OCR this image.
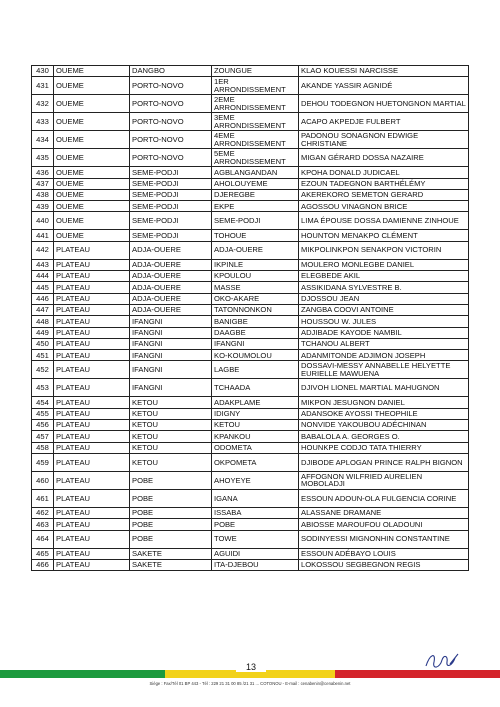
430	OUEME	DANGBO	ZOUNGUE	KLAO KOUESSI NARCISSE
431	OUEME	PORTO-NOVO	1ER ARRONDISSEMENT	AKANDE YASSIR AGNIDÉ
432	OUEME	PORTO-NOVO	2EME ARRONDISSEMENT	DEHOU TODEGNON HUETONGNON MARTIAL
433	OUEME	PORTO-NOVO	3EME ARRONDISSEMENT	ACAPO AKPEDJE FULBERT
434	OUEME	PORTO-NOVO	4EME ARRONDISSEMENT	PADONOU SONAGNON EDWIGE CHRISTIANE
435	OUEME	PORTO-NOVO	5EME ARRONDISSEMENT	MIGAN GÉRARD DOSSA NAZAIRE
436	OUEME	SEME-PODJI	AGBLANGANDAN	KPOHA DONALD JUDICAEL
437	OUEME	SEME-PODJI	AHOLOUYEME	EZOUN TADEGNON BARTHÉLÉMY
438	OUEME	SEME-PODJI	DJEREGBE	AKEREKORO SEMETON GERARD
439	OUEME	SEME-PODJI	EKPE	AGOSSOU VINAGNON BRICE
440	OUEME	SEME-PODJI	SEME-PODJI	LIMA ÉPOUSE DOSSA DAMIENNE ZINHOUE
441	OUEME	SEME-PODJI	TOHOUE	HOUNTON MENAKPO CLÉMENT
442	PLATEAU	ADJA-OUERE	ADJA-OUERE	MIKPOLINKPON SENAKPON VICTORIN
443	PLATEAU	ADJA-OUERE	IKPINLE	MOULERO MONLEGBE DANIEL
444	PLATEAU	ADJA-OUERE	KPOULOU	ELEGBEDE AKIL
445	PLATEAU	ADJA-OUERE	MASSE	ASSIKIDANA SYLVESTRE B.
446	PLATEAU	ADJA-OUERE	OKO-AKARE	DJOSSOU JEAN
447	PLATEAU	ADJA-OUERE	TATONNONKON	ZANGBA COOVI ANTOINE
448	PLATEAU	IFANGNI	BANIGBE	HOUSSOU W. JULES
449	PLATEAU	IFANGNI	DAAGBE	ADJIBADE KAYODE NAMBIL
450	PLATEAU	IFANGNI	IFANGNI	TCHANOU ALBERT
451	PLATEAU	IFANGNI	KO-KOUMOLOU	ADANMITONDE ADJIMON JOSEPH
452	PLATEAU	IFANGNI	LAGBE	DOSSAVI-MESSY ANNABELLE HELYETTE EURIELLE MAWUENA
453	PLATEAU	IFANGNI	TCHAADA	DJIVOH LIONEL MARTIAL MAHUGNON
454	PLATEAU	KETOU	ADAKPLAME	MIKPON JESUGNON DANIEL
455	PLATEAU	KETOU	IDIGNY	ADANSOKE AYOSSI THEOPHILE
456	PLATEAU	KETOU	KETOU	NONVIDE YAKOUBOU ADÉCHINAN
457	PLATEAU	KETOU	KPANKOU	BABALOLA A. GEORGES O.
458	PLATEAU	KETOU	ODOMETA	HOUNKPE CODJO TATA THIERRY
459	PLATEAU	KETOU	OKPOMETA	DJIBODE APLOGAN PRINCE RALPH BIGNON
460	PLATEAU	POBE	AHOYEYE	AFFOGNON WILFRIED AURELIEN MOBOLADJI
461	PLATEAU	POBE	IGANA	ESSOUN ADOUN-OLA FULGENCIA CORINE
462	PLATEAU	POBE	ISSABA	ALASSANE DRAMANE
463	PLATEAU	POBE	POBE	ABIOSSE MAROUFOU OLADOUNI
464	PLATEAU	POBE	TOWE	SODINYESSI MIGNONHIN CONSTANTINE
465	PLATEAU	SAKETE	AGUIDI	ESSOUN ADÉBAYO LOUIS
466	PLATEAU	SAKETE	ITA-DJEBOU	LOKOSSOU SEGBEGNON REGIS
13
Siège : Fax/Tél 01 BP 443 - Tél : 229 21 31 00 85 /21 31 ... COTONOU - E-mail : cenabenin@cenabenin.net
